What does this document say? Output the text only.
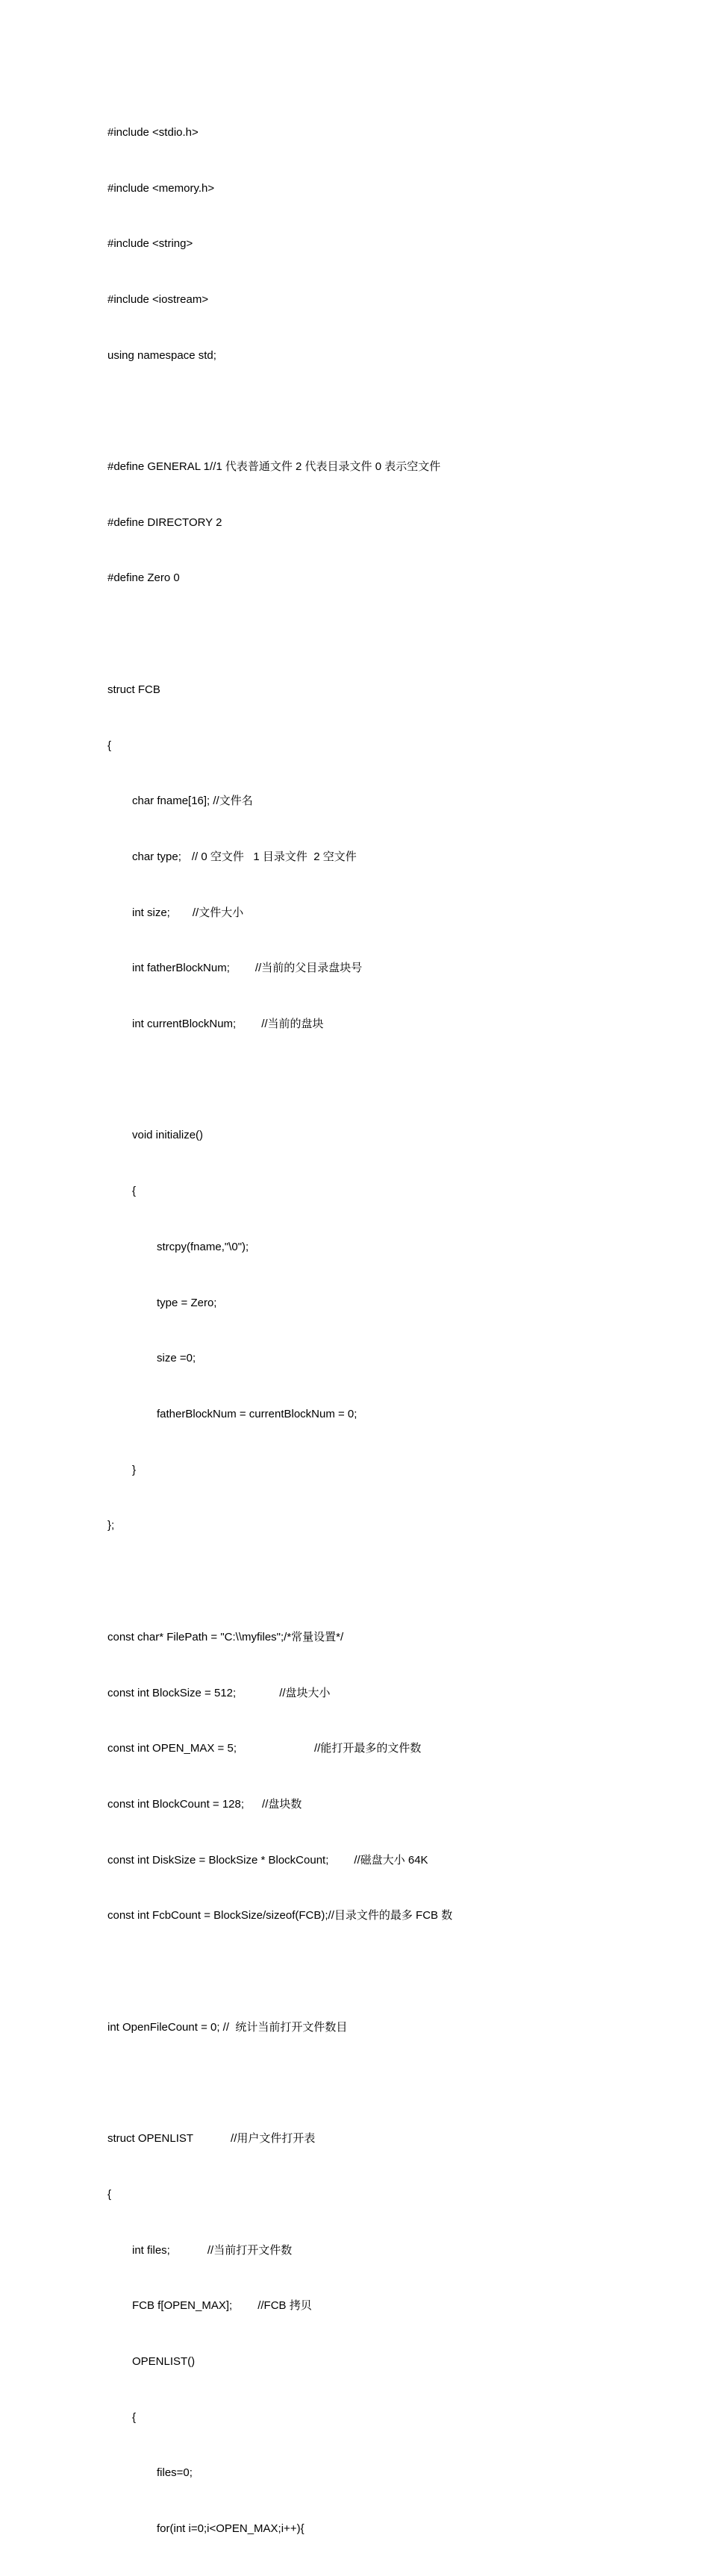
#include <stdio.h>

#include <memory.h>

#include <string>

#include <iostream>

using namespace std;

#define GENERAL 1//1 代表普通文件 2 代表目录文件 0 表示空文件

#define DIRECTORY 2

#define Zero 0

struct FCB

{

char fname[16]; //文件名

char type; // 0 空文件   1 目录文件  2 空文件

int size; //文件大小

int fatherBlockNum; //当前的父目录盘块号

int currentBlockNum; //当前的盘块

void initialize()

{

strcpy(fname,"\0");

type = Zero;

size =0;

fatherBlockNum = currentBlockNum = 0;

}

};

const char* FilePath = "C:\\myfiles";/*常量设置*/

const int BlockSize = 512;	//盘块大小

const int OPEN_MAX = 5;	//能打开最多的文件数

const int BlockCount = 128; //盘块数

const int DiskSize = BlockSize * BlockCount; //磁盘大小 64K

const int FcbCount = BlockSize/sizeof(FCB);//目录文件的最多 FCB 数

int OpenFileCount = 0; //  统计当前打开文件数目

struct OPENLIST	//用户文件打开表

{

int files;	//当前打开文件数

FCB f[OPEN_MAX]; //FCB 拷贝

OPENLIST()

{

files=0;

for(int i=0;i<OPEN_MAX;i++){
